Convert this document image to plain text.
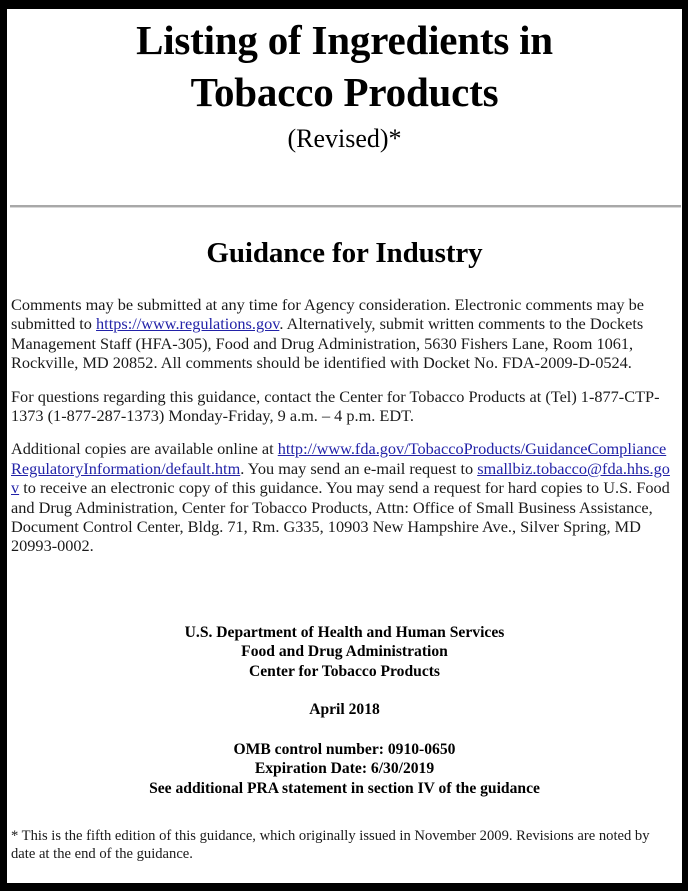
Listing of Ingredients in
Tobacco Products
(Revised)*
Guidance for Industry

Comments may be submitted at any time for Agency consideration. Electronic comments may be submitted to https://www.regulations.gov. Alternatively, submit written comments to the Dockets Management Staff (HFA-305), Food and Drug Administration, 5630 Fishers Lane, Room 1061, Rockville, MD 20852. All comments should be identified with Docket No. FDA-2009-D-0524.

For questions regarding this guidance, contact the Center for Tobacco Products at (Tel) 1-877-CTP-1373 (1-877-287-1373) Monday-Friday, 9 a.m. – 4 p.m. EDT.

Additional copies are available online at http://www.fda.gov/TobaccoProducts/GuidanceComplianceRegulatoryInformation/default.htm. You may send an e-mail request to smallbiz.tobacco@fda.hhs.gov to receive an electronic copy of this guidance. You may send a request for hard copies to U.S. Food and Drug Administration, Center for Tobacco Products, Attn: Office of Small Business Assistance, Document Control Center, Bldg. 71, Rm. G335, 10903 New Hampshire Ave., Silver Spring, MD 20993-0002.

U.S. Department of Health and Human Services
Food and Drug Administration
Center for Tobacco Products
April 2018
OMB control number: 0910-0650
Expiration Date: 6/30/2019
See additional PRA statement in section IV of the guidance

* This is the fifth edition of this guidance, which originally issued in November 2009. Revisions are noted by date at the end of the guidance.
